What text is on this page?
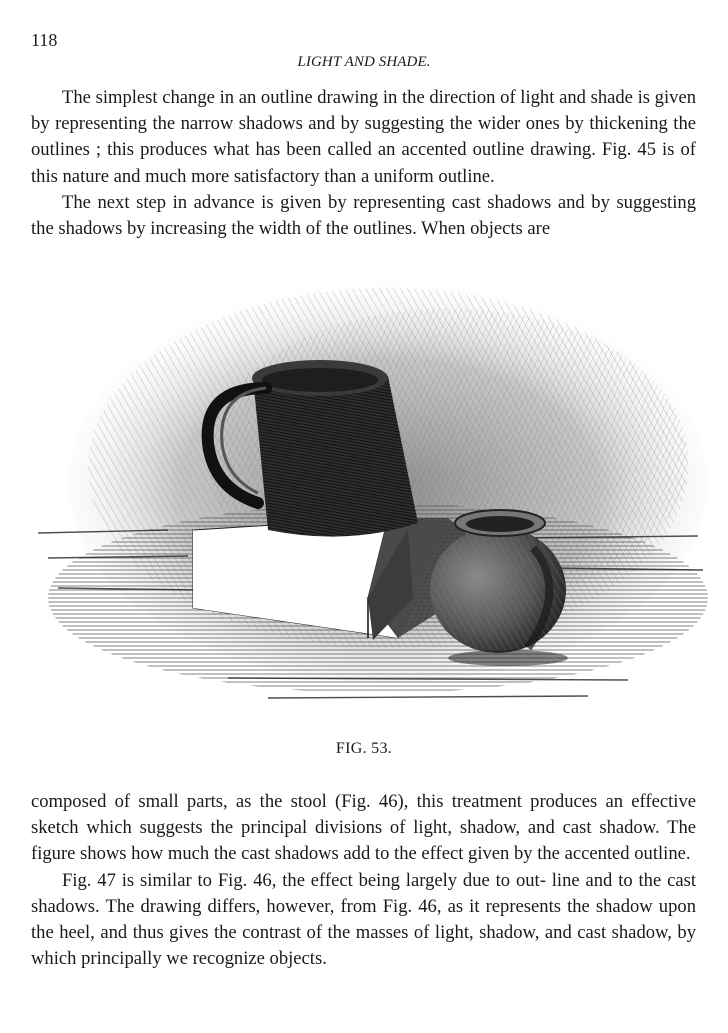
118
LIGHT AND SHADE.

The simplest change in an outline drawing in the direction of light and shade is given by representing the narrow shadows and by suggesting the wider ones by thickening the outlines ; this produces what has been called an accented outline drawing. Fig. 45 is of this nature and much more satisfactory than a uniform outline.

The next step in advance is given by representing cast shadows and by suggesting the shadows by increasing the width of the outlines. When objects are

FIG. 53.

composed of small parts, as the stool (Fig. 46), this treatment produces an effective sketch which suggests the principal divisions of light, shadow, and cast shadow. The figure shows how much the cast shadows add to the effect given by the accented outline.

Fig. 47 is similar to Fig. 46, the effect being largely due to out- line and to the cast shadows. The drawing differs, however, from Fig. 46, as it represents the shadow upon the heel, and thus gives the contrast of the masses of light, shadow, and cast shadow, by which principally we recognize objects.
